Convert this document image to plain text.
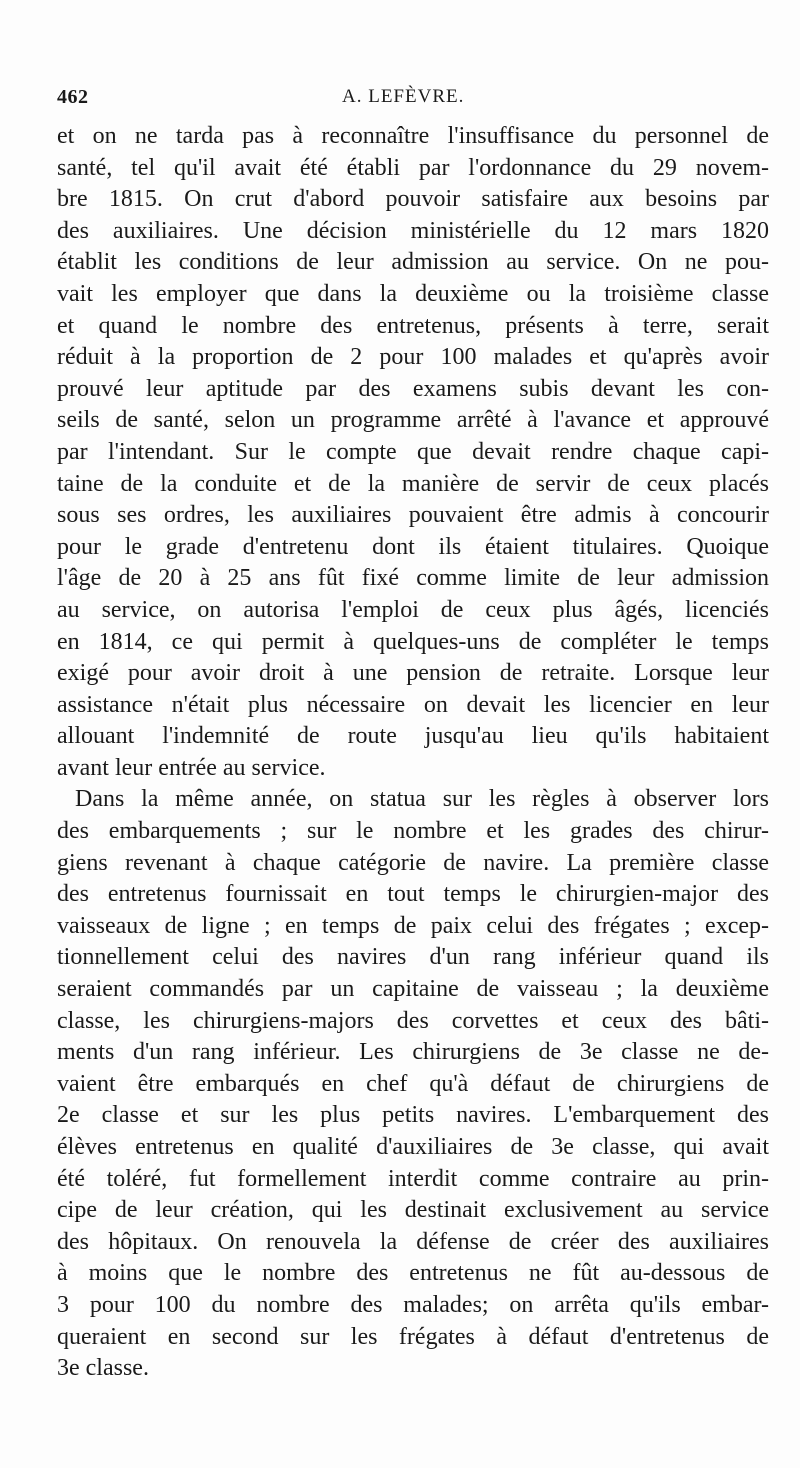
462	A. LEFÈVRE.
et on ne tarda pas à reconnaître l'insuffisance du personnel de
santé, tel qu'il avait été établi par l'ordonnance du 29 novem-
bre 1815. On crut d'abord pouvoir satisfaire aux besoins par
des auxiliaires. Une décision ministérielle du 12 mars 1820
établit les conditions de leur admission au service. On ne pou-
vait les employer que dans la deuxième ou la troisième classe
et quand le nombre des entretenus, présents à terre, serait
réduit à la proportion de 2 pour 100 malades et qu'après avoir
prouvé leur aptitude par des examens subis devant les con-
seils de santé, selon un programme arrêté à l'avance et approuvé
par l'intendant. Sur le compte que devait rendre chaque capi-
taine de la conduite et de la manière de servir de ceux placés
sous ses ordres, les auxiliaires pouvaient être admis à concourir
pour le grade d'entretenu dont ils étaient titulaires. Quoique
l'âge de 20 à 25 ans fût fixé comme limite de leur admission
au service, on autorisa l'emploi de ceux plus âgés, licenciés
en 1814, ce qui permit à quelques-uns de compléter le temps
exigé pour avoir droit à une pension de retraite. Lorsque leur
assistance n'était plus nécessaire on devait les licencier en leur
allouant l'indemnité de route jusqu'au lieu qu'ils habitaient
avant leur entrée au service.
Dans la même année, on statua sur les règles à observer lors
des embarquements ; sur le nombre et les grades des chirur-
giens revenant à chaque catégorie de navire. La première classe
des entretenus fournissait en tout temps le chirurgien-major des
vaisseaux de ligne ; en temps de paix celui des frégates ; excep-
tionnellement celui des navires d'un rang inférieur quand ils
seraient commandés par un capitaine de vaisseau ; la deuxième
classe, les chirurgiens-majors des corvettes et ceux des bâti-
ments d'un rang inférieur. Les chirurgiens de 3e classe ne de-
vaient être embarqués en chef qu'à défaut de chirurgiens de
2e classe et sur les plus petits navires. L'embarquement des
élèves entretenus en qualité d'auxiliaires de 3e classe, qui avait
été toléré, fut formellement interdit comme contraire au prin-
cipe de leur création, qui les destinait exclusivement au service
des hôpitaux. On renouvela la défense de créer des auxiliaires
à moins que le nombre des entretenus ne fût au-dessous de
3 pour 100 du nombre des malades; on arrêta qu'ils embar-
queraient en second sur les frégates à défaut d'entretenus de
3e classe.
